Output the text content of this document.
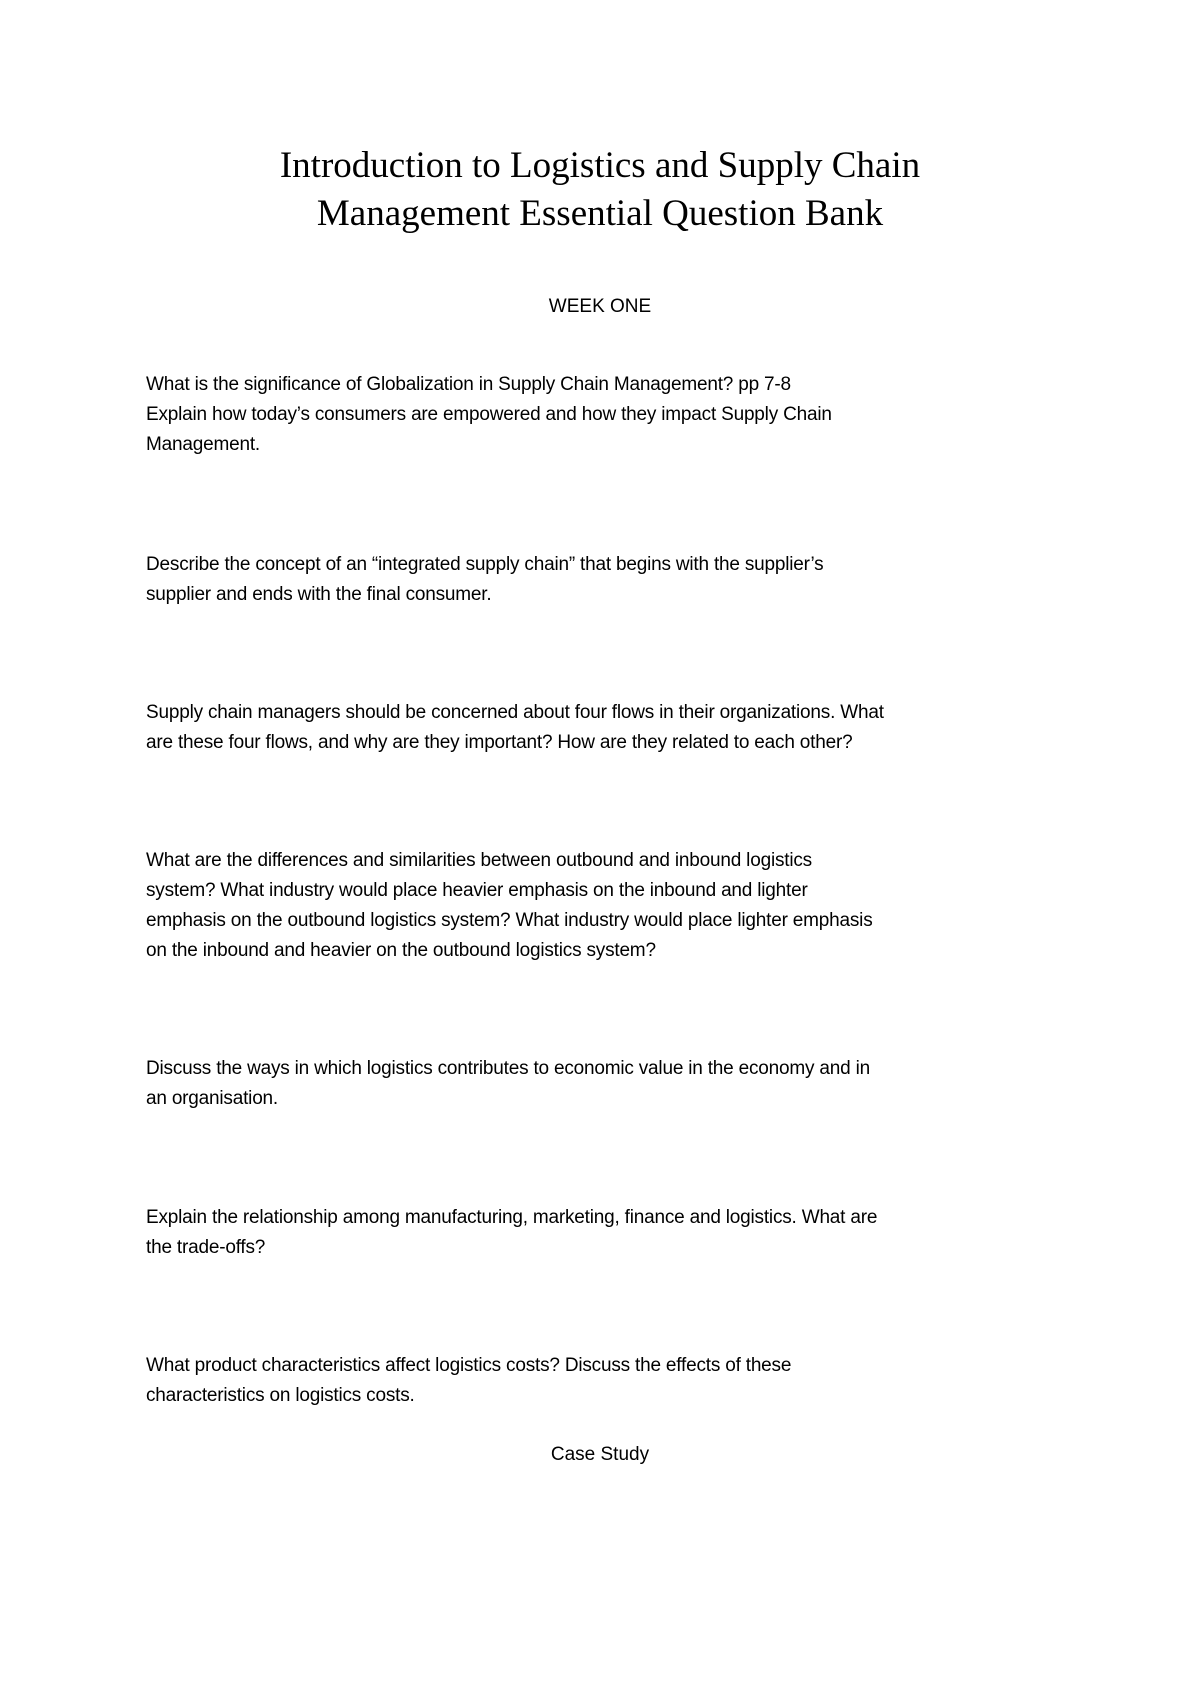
Introduction to Logistics and Supply Chain
Management Essential Question Bank
WEEK ONE
What is the significance of Globalization in Supply Chain Management? pp 7-8
Explain how today’s consumers are empowered and how they impact Supply Chain
Management.
Describe the concept of an “integrated supply chain” that begins with the supplier’s
supplier and ends with the final consumer.
Supply chain managers should be concerned about four flows in their organizations. What
are these four flows, and why are they important? How are they related to each other?
What are the differences and similarities between outbound and inbound logistics
system? What industry would place heavier emphasis on the inbound and lighter
emphasis on the outbound logistics system? What industry would place lighter emphasis
on the inbound and heavier on the outbound logistics system?
Discuss the ways in which logistics contributes to economic value in the economy and in
an organisation.
Explain the relationship among manufacturing, marketing, finance and logistics. What are
the trade-offs?
What product characteristics affect logistics costs? Discuss the effects of these
characteristics on logistics costs.
Case Study
